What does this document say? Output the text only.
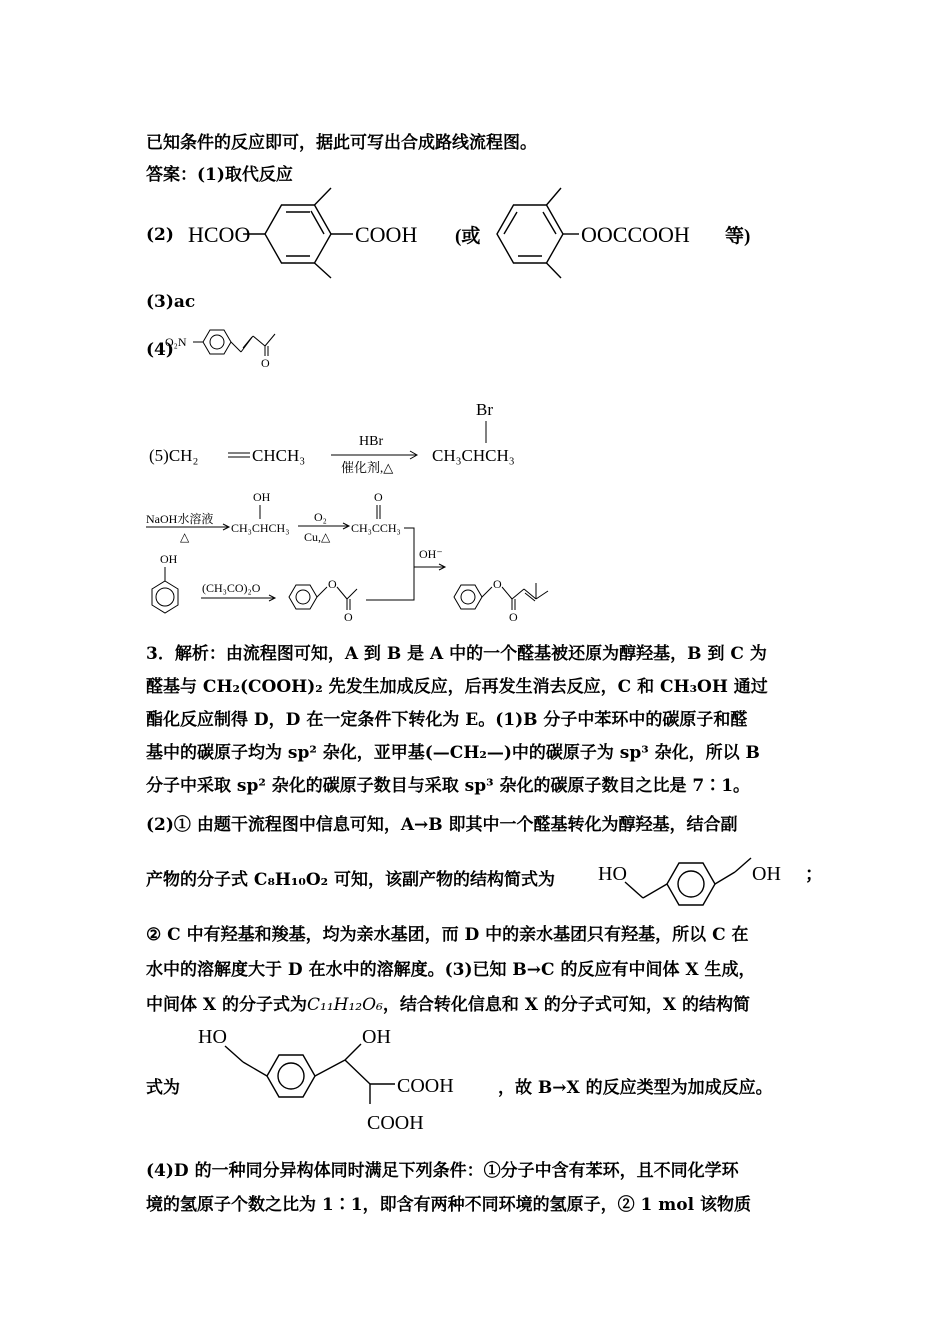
已知条件的反应即可，据此可写出合成路线流程图。
答案：(1)取代反应
(2) HCOO	COOH (或	OOCCOOH 等)
(3)ac
(4)
O₂N
O
(5)CH₂	CHCH₃
HBr
催化剂,△
Br
CH₃CHCH₃
NaOH水溶液
△
OH
CH₃CHCH₃
O₂
Cu,△
O
CH₃CCH₃
OH⁻
OH
(CH₃CO)₂O	O
O
O
O
3．解析：由流程图可知，A 到 B 是 A 中的一个醛基被还原为醇羟基，B 到 C 为
醛基与 CH₂(COOH)₂ 先发生加成反应，后再发生消去反应，C 和 CH₃OH 通过
酯化反应制得 D，D 在一定条件下转化为 E。(1)B 分子中苯环中的碳原子和醛
基中的碳原子均为 sp² 杂化，亚甲基(—CH₂—)中的碳原子为 sp³ 杂化，所以 B
分子中采取 sp² 杂化的碳原子数目与采取 sp³ 杂化的碳原子数目之比是 7∶1。
(2)① 由题干流程图中信息可知，A→B 即其中一个醛基转化为醇羟基，结合副
产物的分子式 C₈H₁₀O₂ 可知，该副产物的结构简式为 HO	OH ；
② C 中有羟基和羧基，均为亲水基团，而 D 中的亲水基团只有羟基，所以 C 在
水中的溶解度大于 D 在水中的溶解度。(3)已知 B→C 的反应有中间体 X 生成，
中间体 X 的分子式为C₁₁H₁₂O₆，结合转化信息和 X 的分子式可知，X 的结构简
式为
HO	OH
COOH
COOH
，故 B→X 的反应类型为加成反应。
(4)D 的一种同分异构体同时满足下列条件：①分子中含有苯环，且不同化学环
境的氢原子个数之比为 1∶1，即含有两种不同环境的氢原子，② 1 mol 该物质
